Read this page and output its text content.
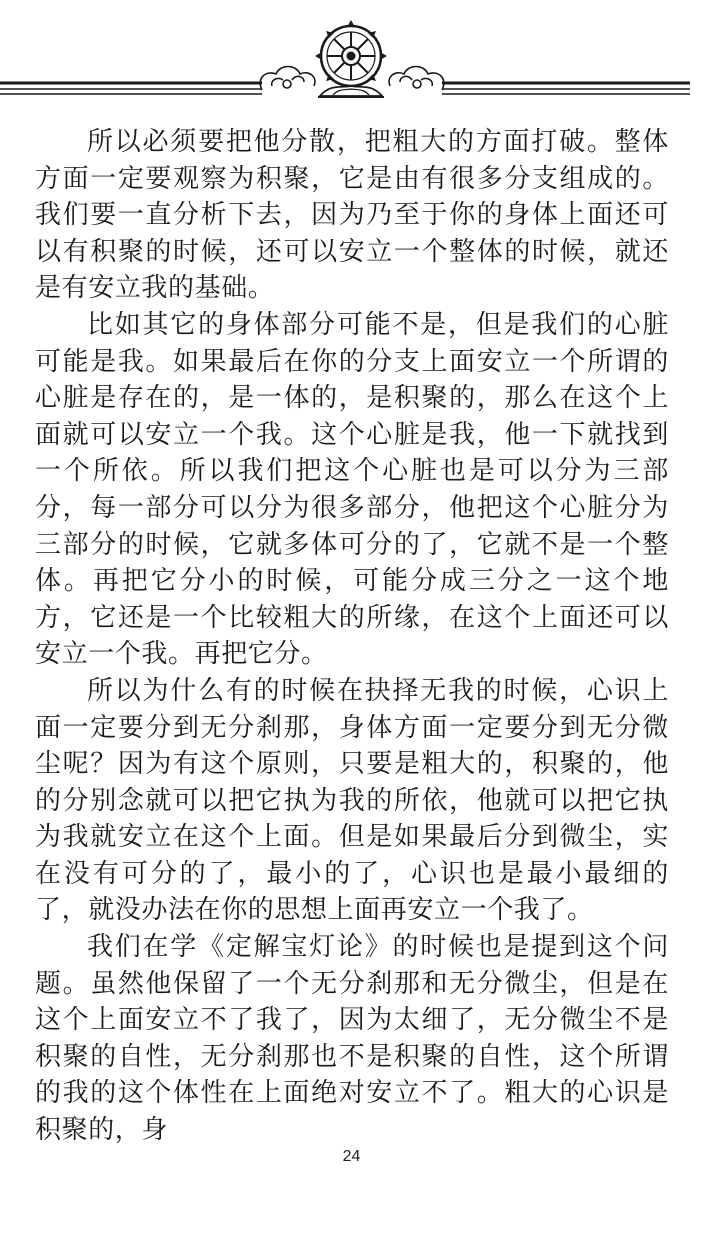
所以必须要把他分散，把粗大的方面打破。整体方面一定要观察为积聚，它是由有很多分支组成的。我们要一直分析下去，因为乃至于你的身体上面还可以有积聚的时候，还可以安立一个整体的时候，就还是有安立我的基础。

比如其它的身体部分可能不是，但是我们的心脏可能是我。如果最后在你的分支上面安立一个所谓的心脏是存在的，是一体的，是积聚的，那么在这个上面就可以安立一个我。这个心脏是我，他一下就找到一个所依。所以我们把这个心脏也是可以分为三部分，每一部分可以分为很多部分，他把这个心脏分为三部分的时候，它就多体可分的了，它就不是一个整体。再把它分小的时候，可能分成三分之一这个地方，它还是一个比较粗大的所缘，在这个上面还可以安立一个我。再把它分。

所以为什么有的时候在抉择无我的时候，心识上面一定要分到无分刹那，身体方面一定要分到无分微尘呢？因为有这个原则，只要是粗大的，积聚的，他的分别念就可以把它执为我的所依，他就可以把它执为我就安立在这个上面。但是如果最后分到微尘，实在没有可分的了，最小的了，心识也是最小最细的了，就没办法在你的思想上面再安立一个我了。

我们在学《定解宝灯论》的时候也是提到这个问题。虽然他保留了一个无分刹那和无分微尘，但是在这个上面安立不了我了，因为太细了，无分微尘不是积聚的自性，无分刹那也不是积聚的自性，这个所谓的我的这个体性在上面绝对安立不了。粗大的心识是积聚的，身

24
